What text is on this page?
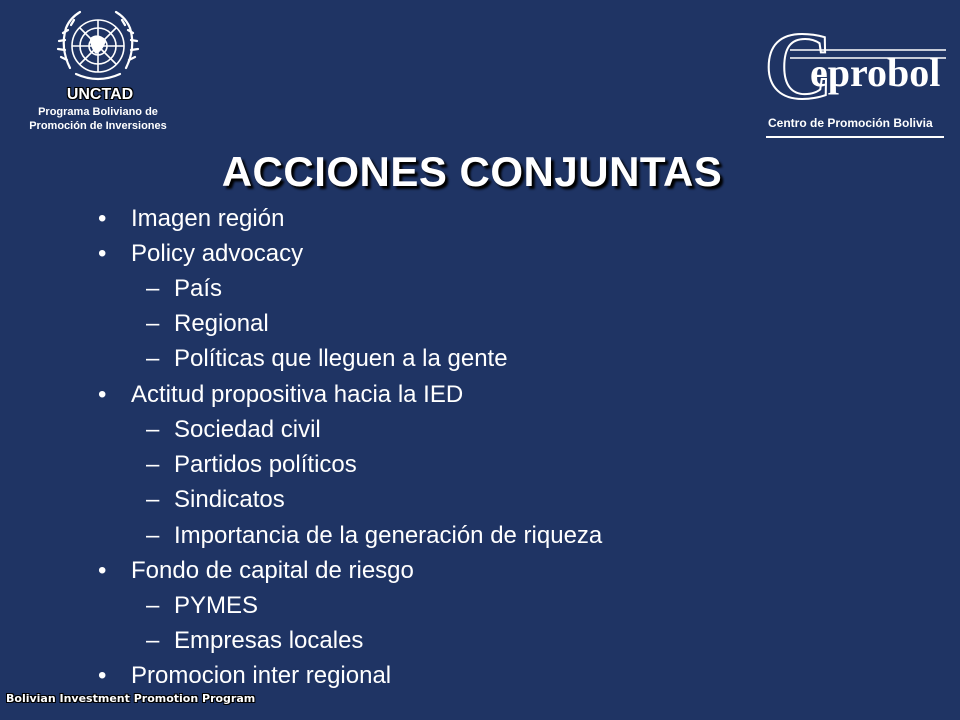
UNCTAD
Programa Boliviano de
Promoción de Inversiones
C
eprobol
Centro de Promoción Bolivia
ACCIONES CONJUNTAS
• Imagen región
• Policy advocacy
– País
– Regional
– Políticas que lleguen a la gente
• Actitud propositiva hacia la IED
– Sociedad civil
– Partidos políticos
– Sindicatos
– Importancia de la generación de riqueza
• Fondo de capital de riesgo
– PYMES
– Empresas locales
• Promocion inter regional
Bolivian Investment Promotion Program
